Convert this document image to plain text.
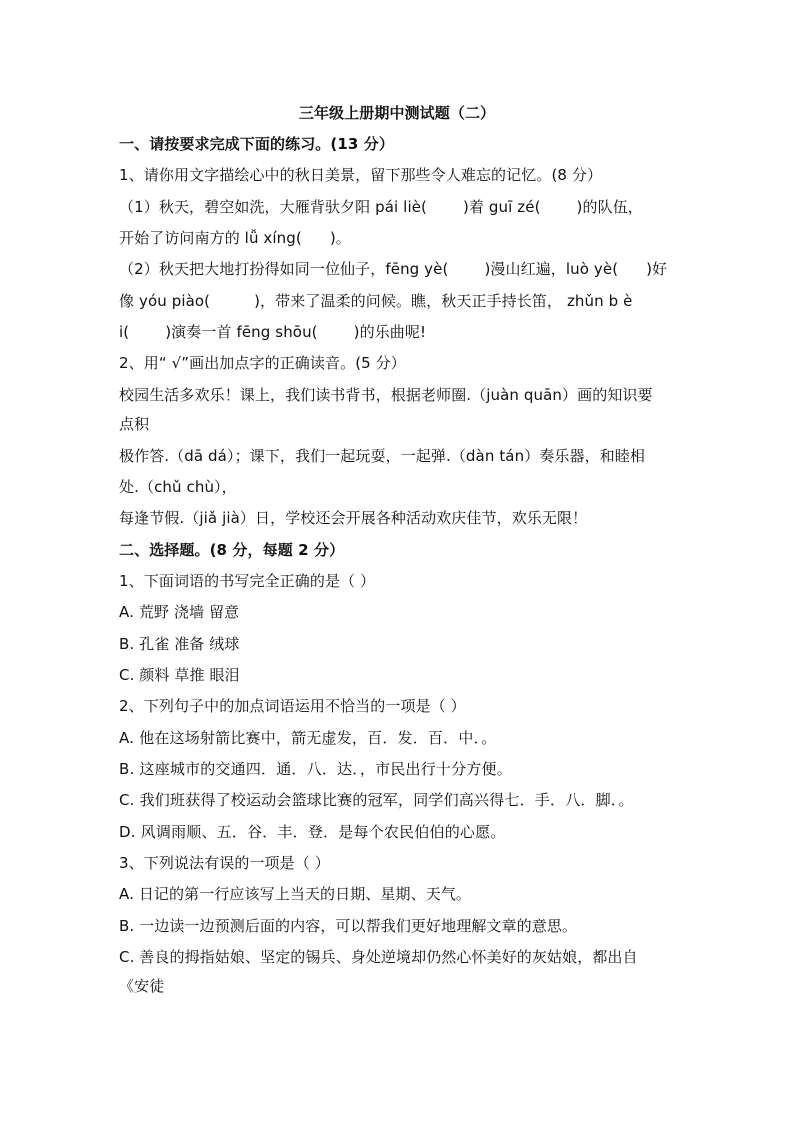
三年级上册期中测试题（二）
一、请按要求完成下面的练习。(13 分）
1、请你用文字描绘心中的秋日美景，留下那些令人难忘的记忆。(8 分）
（1）秋天，碧空如洗，大雁背驮夕阳 pái liè( )着 guī zé( )的队伍，
开始了访问南方的 lǚ xíng( )。
（2）秋天把大地打扮得如同一位仙子，fēng yè( )漫山红遍，luò yè( )好
像 yóu piào(	)，带来了温柔的问候。瞧，秋天正手持长笛， zhǔn b è
i( )演奏一首 fēng shōu( )的乐曲呢!
2、用“ √”画出加点字的正确读音。(5 分）
校园生活多欢乐！课上，我们读书背书，根据老师圈.（juàn quān）画的知识要
点积
极作答.（dā dá）；课下，我们一起玩耍，一起弹.（dàn tán）奏乐器，和睦相
处.（chǔ chù），
每逢节假.（jiǎ jià）日，学校还会开展各种活动欢庆佳节，欢乐无限！
二、选择题。(8 分，每题 2 分）
1、下面词语的书写完全正确的是（ ）
A. 荒野 浇墙 留意
B. 孔雀 准备 绒球
C. 颜料 草推 眼泪
2、下列句子中的加点词语运用不恰当的一项是（ ）
A. 他在这场射箭比赛中，箭无虚发，百．发．百．中．。
B. 这座城市的交通四．通．八．达．，市民出行十分方便。
C. 我们班获得了校运动会篮球比赛的冠军，同学们高兴得七．手．八．脚．。
D. 风调雨顺、五．谷．丰．登．是每个农民伯伯的心愿。
3、下列说法有误的一项是（ ）
A. 日记的第一行应该写上当天的日期、星期、天气。
B. 一边读一边预测后面的内容，可以帮我们更好地理解文章的意思。
C. 善良的拇指姑娘、坚定的锡兵、身处逆境却仍然心怀美好的灰姑娘，都出自
《安徒
